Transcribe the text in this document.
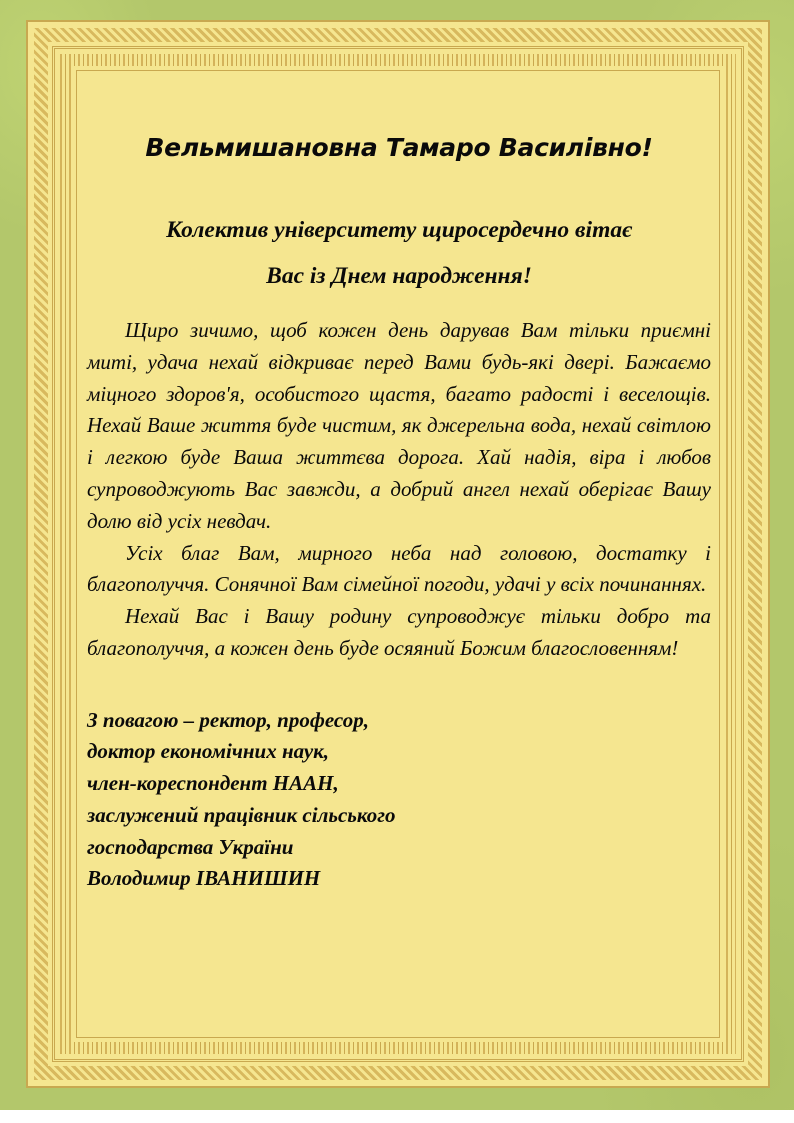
Вельмишановна Тамаро Василівно!
Колектив університету щиросердечно вітає
Вас із Днем народження!

Щиро зичимо, щоб кожен день дарував Вам тільки приємні миті, удача нехай відкриває перед Вами будь-які двері. Бажаємо міцного здоров'я, особистого щастя, багато радості і веселощів. Нехай Ваше життя буде чистим, як джерельна вода, нехай світлою і легкою буде Ваша життєва дорога. Хай надія, віра і любов супроводжують Вас завжди, а добрий ангел нехай оберігає Вашу долю від усіх невдач.

Усіх благ Вам, мирного неба над головою, достатку і благополуччя. Сонячної Вам сімейної погоди, удачі у всіх починаннях.

Нехай Вас і Вашу родину супроводжує тільки добро та благополуччя, а кожен день буде осяяний Божим благословенням!

З повагою – ректор, професор,
доктор економічних наук,
член-кореспондент НААН,
заслужений працівник сільського
господарства України
Володимир ІВАНИШИН
